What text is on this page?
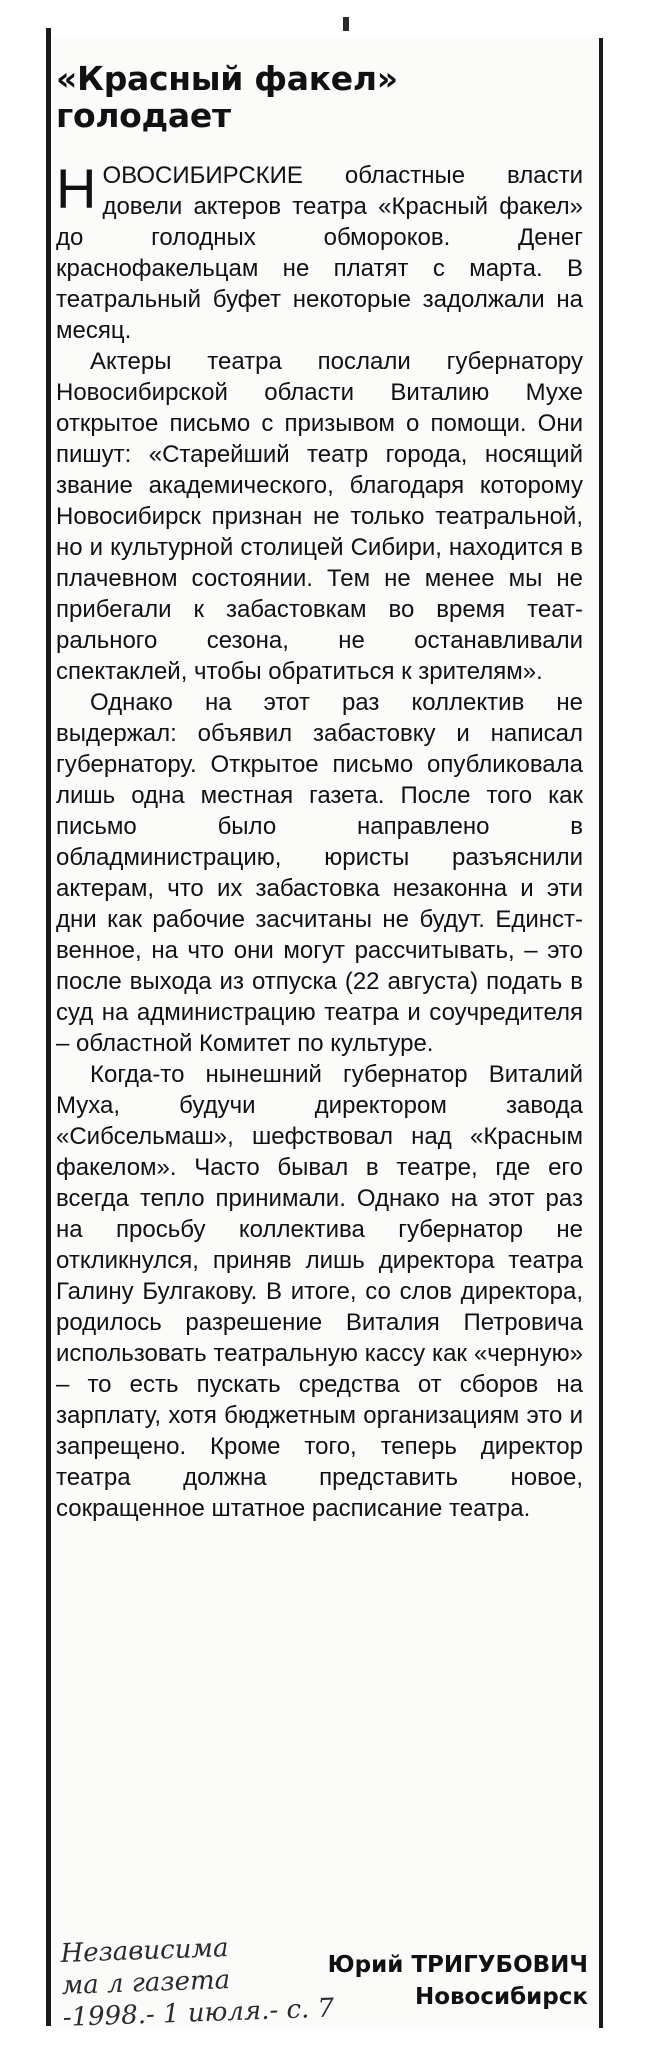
«Красный факел»
голодает

НОВОСИБИРСКИЕ областные власти довели актеров театра «Красный факел» до голодных обмороков. Денег краснофакельцам не платят с марта. В театральный буфет некоторые задолжали на месяц.

Актеры театра послали губернатору Новосибирской области Виталию Мухе открытое письмо с призывом о помощи. Они пишут: «Старейший театр города, носящий звание академического, благодаря которому Новосибирск признан не только театральной, но и культурной столицей Сибири, находится в плачевном состоянии. Тем не менее мы не прибегали к забастовкам во время театрального сезона, не останавливали спектаклей, чтобы обратиться к зрителям».

Однако на этот раз коллектив не выдержал: объявил забастовку и написал губернатору. Открытое письмо опубликовала лишь одна местная газета. После того как письмо было направлено в обладминистрацию, юристы разъяснили актерам, что их забастовка незаконна и эти дни как рабочие засчитаны не будут. Единственное, на что они могут рассчитывать, – это после выхода из отпуска (22 августа) подать в суд на администрацию театра и соучредителя – областной Комитет по культуре.

Когда-то нынешний губернатор Виталий Муха, будучи директором завода «Сибсельмаш», шефствовал над «Красным факелом». Часто бывал в театре, где его всегда тепло принимали. Однако на этот раз на просьбу коллектива губернатор не откликнулся, приняв лишь директора театра Галину Булгакову. В итоге, со слов директора, родилось разрешение Виталия Петровича использовать театральную кассу как «черную» – то есть пускать средства от сборов на зарплату, хотя бюджетным организациям это и запрещено. Кроме того, теперь директор театра должна представить новое, сокращенное штатное расписание театра.

Независима
ма л газета
-1998.- 1 июля.- с. 7
Юрий ТРИГУБОВИЧ
Новосибирск
